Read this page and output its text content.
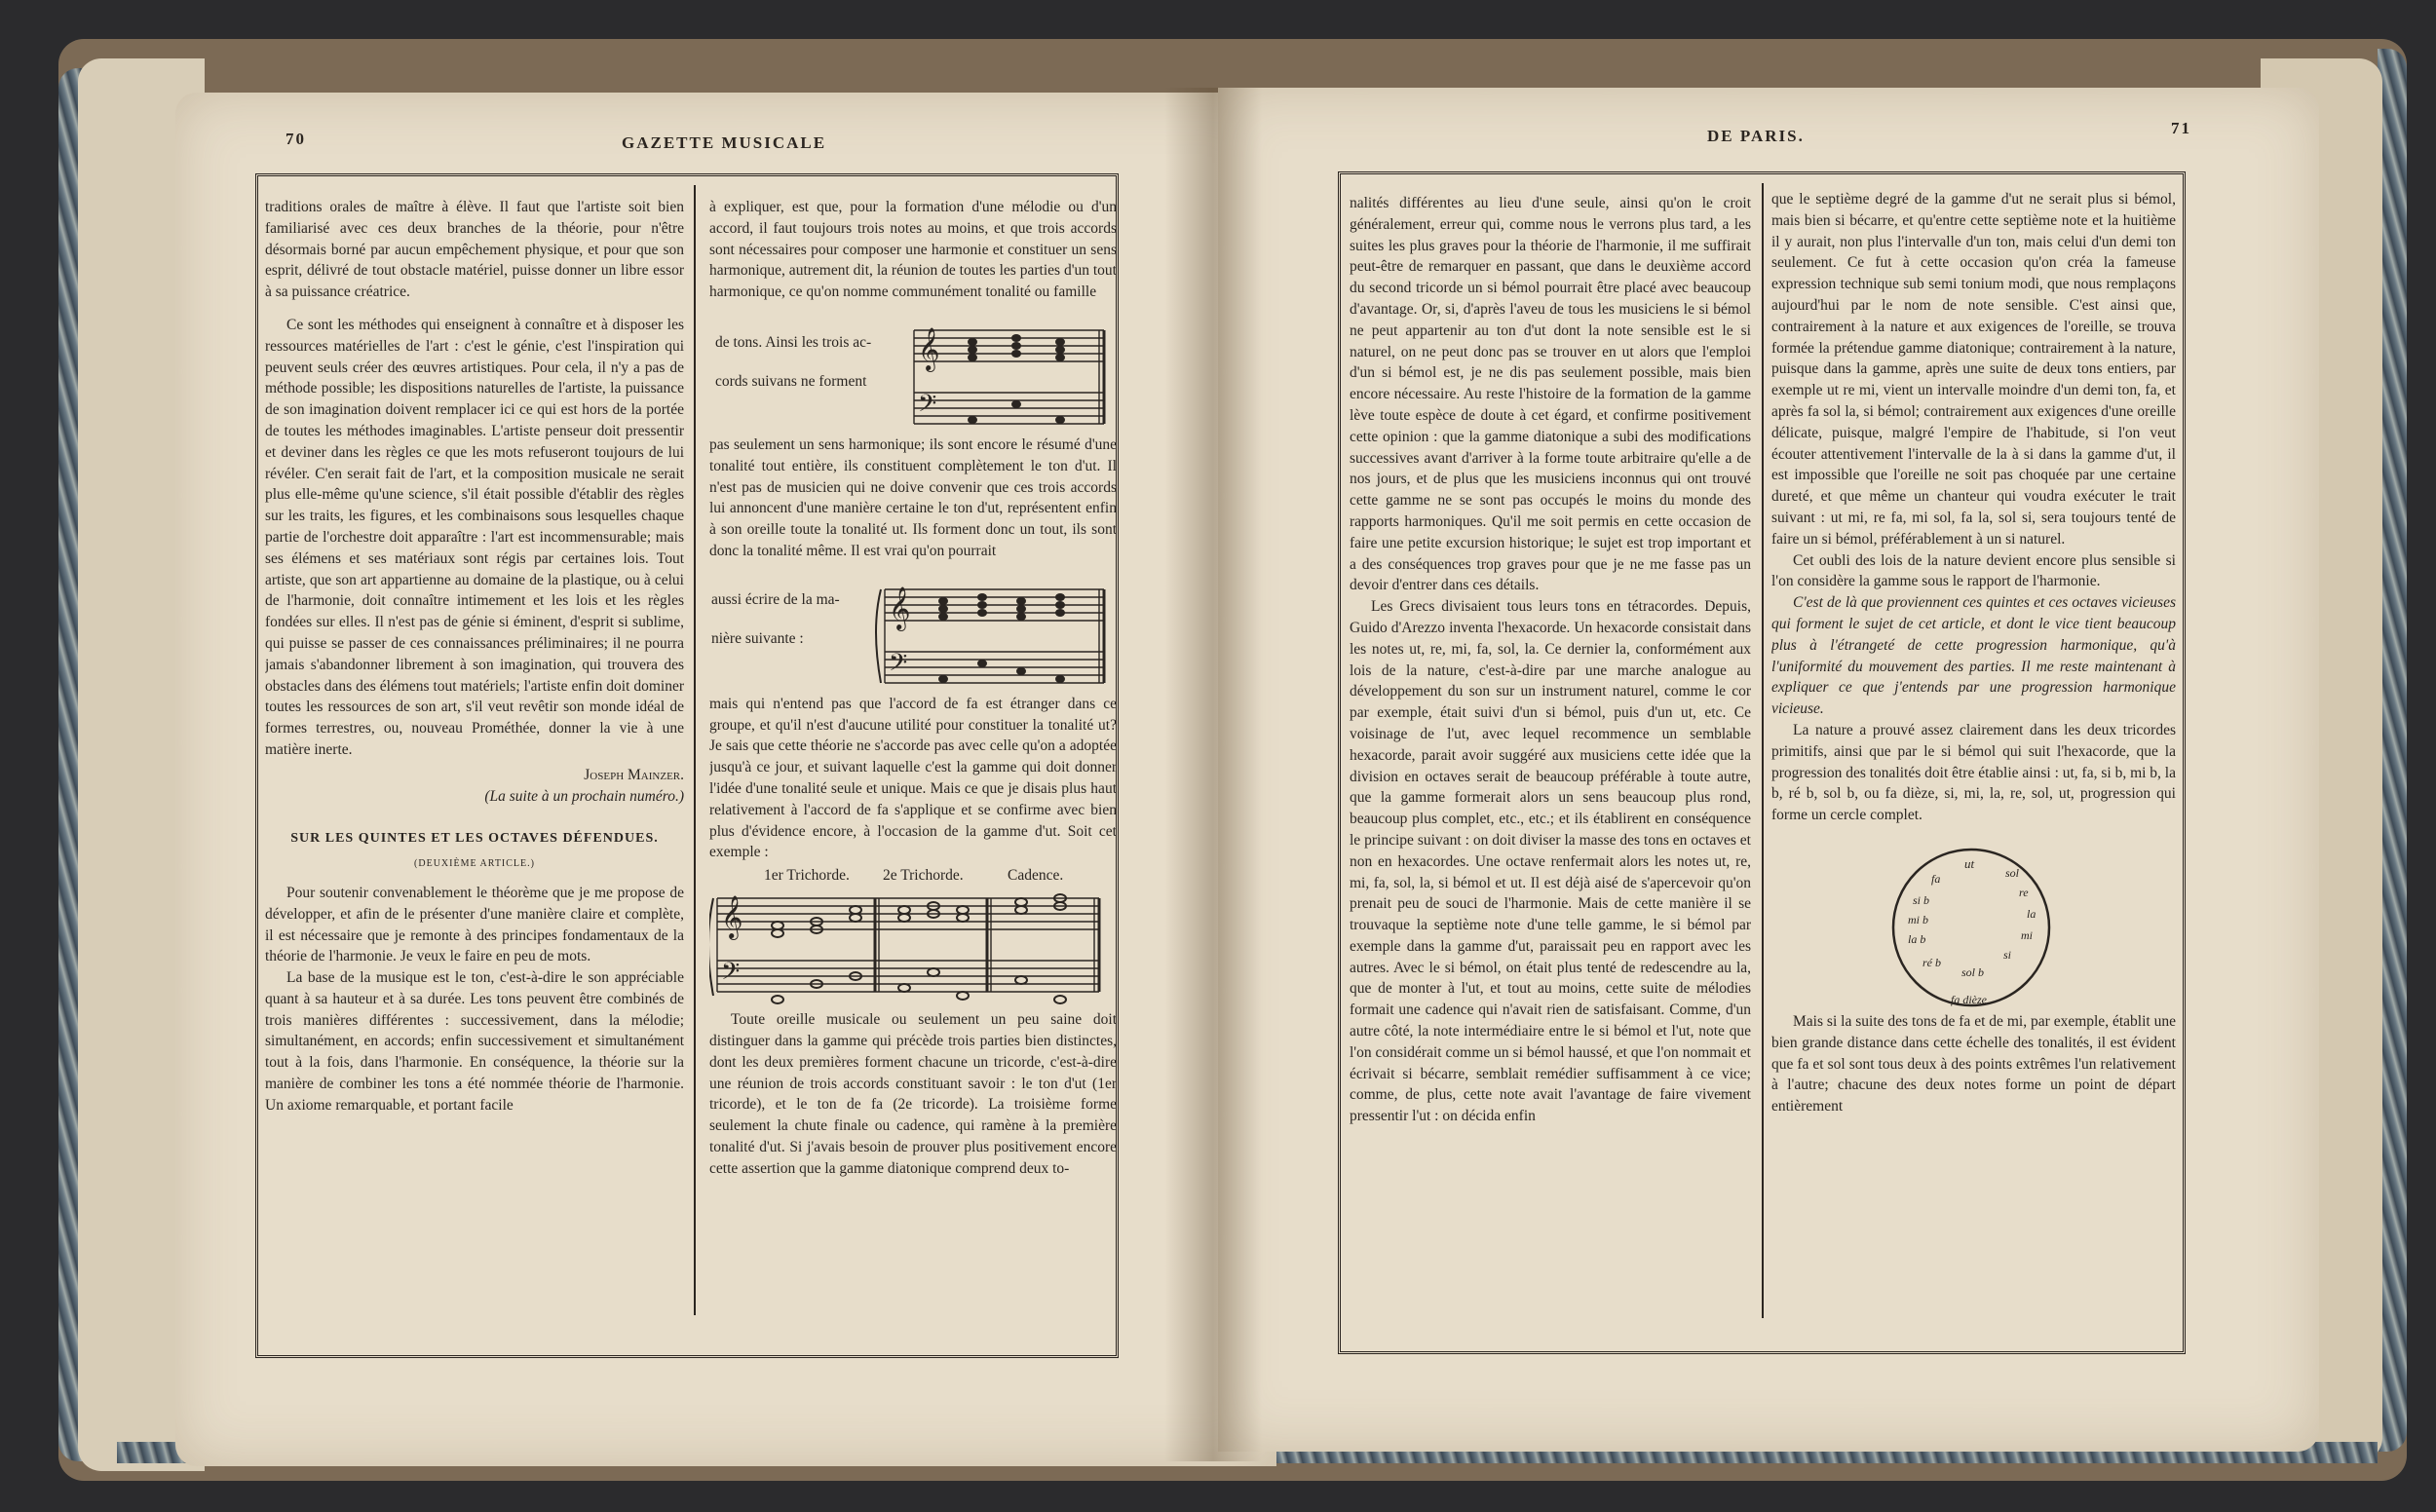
70	GAZETTE MUSICALE

traditions orales de maître à élève. Il faut que l'artiste soit bien familiarisé avec ces deux branches de la théorie, pour n'être désormais borné par aucun empêchement physique, et pour que son esprit, délivré de tout obstacle matériel, puisse donner un libre essor à sa puissance créatrice.

Ce sont les méthodes qui enseignent à connaître et à disposer les ressources matérielles de l'art : c'est le génie, c'est l'inspiration qui peuvent seuls créer des œuvres artistiques. Pour cela, il n'y a pas de méthode possible; les dispositions naturelles de l'artiste, la puissance de son imagination doivent remplacer ici ce qui est hors de la portée de toutes les méthodes imaginables. L'artiste penseur doit pressentir et deviner dans les règles ce que les mots refuseront toujours de lui révéler. C'en serait fait de l'art, et la composition musicale ne serait plus elle-même qu'une science, s'il était possible d'établir des règles sur les traits, les figures, et les combinaisons sous lesquelles chaque partie de l'orchestre doit apparaître : l'art est incommensurable; mais ses élémens et ses matériaux sont régis par certaines lois. Tout artiste, que son art appartienne au domaine de la plastique, ou à celui de l'harmonie, doit connaître intimement et les lois et les règles fondées sur elles. Il n'est pas de génie si éminent, d'esprit si sublime, qui puisse se passer de ces connaissances préliminaires; il ne pourra jamais s'abandonner librement à son imagination, qui trouvera des obstacles dans des élémens tout matériels; l'artiste enfin doit dominer toutes les ressources de son art, s'il veut revêtir son monde idéal de formes terrestres, ou, nouveau Prométhée, donner la vie à une matière inerte.

Joseph Mainzer.

(La suite à un prochain numéro.)

SUR LES QUINTES ET LES OCTAVES DÉFENDUES.

(DEUXIÈME ARTICLE.)

Pour soutenir convenablement le théorème que je me propose de développer, et afin de le présenter d'une manière claire et complète, il est nécessaire que je remonte à des principes fondamentaux de la théorie de l'harmonie. Je veux le faire en peu de mots.

La base de la musique est le ton, c'est-à-dire le son appréciable quant à sa hauteur et à sa durée. Les tons peuvent être combinés de trois manières différentes : successivement, dans la mélodie; simultanément, en accords; enfin successivement et simultanément tout à la fois, dans l'harmonie. En conséquence, la théorie sur la manière de combiner les tons a été nommée théorie de l'harmonie. Un axiome remarquable, et portant facile

à expliquer, est que, pour la formation d'une mélodie ou d'un accord, il faut toujours trois notes au moins, et que trois accords sont nécessaires pour composer une harmonie et constituer un sens harmonique, autrement dit, la réunion de toutes les parties d'un tout harmonique, ce qu'on nomme communément tonalité ou famille

de tons. Ainsi les trois ac-
cords suivans ne forment
𝄞
𝄢

pas seulement un sens harmonique; ils sont encore le résumé d'une tonalité tout entière, ils constituent complètement le ton d'ut. Il n'est pas de musicien qui ne doive convenir que ces trois accords lui annoncent d'une manière certaine le ton d'ut, représentent enfin à son oreille toute la tonalité ut. Ils forment donc un tout, ils sont donc la tonalité même. Il est vrai qu'on pourrait

aussi écrire de la ma-
nière suivante :
𝄞
𝄢

mais qui n'entend pas que l'accord de fa est étranger dans ce groupe, et qu'il n'est d'aucune utilité pour constituer la tonalité ut? Je sais que cette théorie ne s'accorde pas avec celle qu'on a adoptée jusqu'à ce jour, et suivant laquelle c'est la gamme qui doit donner l'idée d'une tonalité seule et unique. Mais ce que je disais plus haut relativement à l'accord de fa s'applique et se confirme avec bien plus d'évidence encore, à l'occasion de la gamme d'ut. Soit cet exemple :

1er Trichorde. 2e Trichorde.	Cadence.
𝄞
𝄢

Toute oreille musicale ou seulement un peu saine doit distinguer dans la gamme qui précède trois parties bien distinctes, dont les deux premières forment chacune un tricorde, c'est-à-dire une réunion de trois accords constituant savoir : le ton d'ut (1er tricorde), et le ton de fa (2e tricorde). La troisième forme seulement la chute finale ou cadence, qui ramène à la première tonalité d'ut. Si j'avais besoin de prouver plus positivement encore cette assertion que la gamme diatonique comprend deux to-

DE PARIS.	71

nalités différentes au lieu d'une seule, ainsi qu'on le croit généralement, erreur qui, comme nous le verrons plus tard, a les suites les plus graves pour la théorie de l'harmonie, il me suffirait peut-être de remarquer en passant, que dans le deuxième accord du second tricorde un si bémol pourrait être placé avec beaucoup d'avantage. Or, si, d'après l'aveu de tous les musiciens le si bémol ne peut appartenir au ton d'ut dont la note sensible est le si naturel, on ne peut donc pas se trouver en ut alors que l'emploi d'un si bémol est, je ne dis pas seulement possible, mais bien encore nécessaire. Au reste l'histoire de la formation de la gamme lève toute espèce de doute à cet égard, et confirme positivement cette opinion : que la gamme diatonique a subi des modifications successives avant d'arriver à la forme toute arbitraire qu'elle a de nos jours, et de plus que les musiciens inconnus qui ont trouvé cette gamme ne se sont pas occupés le moins du monde des rapports harmoniques. Qu'il me soit permis en cette occasion de faire une petite excursion historique; le sujet est trop important et a des conséquences trop graves pour que je ne me fasse pas un devoir d'entrer dans ces détails.

Les Grecs divisaient tous leurs tons en tétracordes. Depuis, Guido d'Arezzo inventa l'hexacorde. Un hexacorde consistait dans les notes ut, re, mi, fa, sol, la. Ce dernier la, conformément aux lois de la nature, c'est-à-dire par une marche analogue au développement du son sur un instrument naturel, comme le cor par exemple, était suivi d'un si bémol, puis d'un ut, etc. Ce voisinage de l'ut, avec lequel recommence un semblable hexacorde, parait avoir suggéré aux musiciens cette idée que la division en octaves serait de beaucoup préférable à toute autre, que la gamme formerait alors un sens beaucoup plus rond, beaucoup plus complet, etc., etc.; et ils établirent en conséquence le principe suivant : on doit diviser la masse des tons en octaves et non en hexacordes. Une octave renfermait alors les notes ut, re, mi, fa, sol, la, si bémol et ut. Il est déjà aisé de s'apercevoir qu'on prenait peu de souci de l'harmonie. Mais de cette manière il se trouvaque la septième note d'une telle gamme, le si bémol par exemple dans la gamme d'ut, paraissait peu en rapport avec les autres. Avec le si bémol, on était plus tenté de redescendre au la, que de monter à l'ut, et tout au moins, cette suite de mélodies formait une cadence qui n'avait rien de satisfaisant. Comme, d'un autre côté, la note intermédiaire entre le si bémol et l'ut, note que l'on considérait comme un si bémol haussé, et que l'on nommait et écrivait si bécarre, semblait remédier suffisamment à ce vice; comme, de plus, cette note avait l'avantage de faire vivement pressentir l'ut : on décida enfin

que le septième degré de la gamme d'ut ne serait plus si bémol, mais bien si bécarre, et qu'entre cette septième note et la huitième il y aurait, non plus l'intervalle d'un ton, mais celui d'un demi ton seulement. Ce fut à cette occasion qu'on créa la fameuse expression technique sub semi tonium modi, que nous remplaçons aujourd'hui par le nom de note sensible. C'est ainsi que, contrairement à la nature et aux exigences de l'oreille, se trouva formée la prétendue gamme diatonique; contrairement à la nature, puisque dans la gamme, après une suite de deux tons entiers, par exemple ut re mi, vient un intervalle moindre d'un demi ton, fa, et après fa sol la, si bémol; contrairement aux exigences d'une oreille délicate, puisque, malgré l'empire de l'habitude, si l'on veut écouter attentivement l'intervalle de la à si dans la gamme d'ut, il est impossible que l'oreille ne soit pas choquée par une certaine dureté, et que même un chanteur qui voudra exécuter le trait suivant : ut mi, re fa, mi sol, fa la, sol si, sera toujours tenté de faire un si bémol, préférablement à un si naturel.

Cet oubli des lois de la nature devient encore plus sensible si l'on considère la gamme sous le rapport de l'harmonie.

C'est de là que proviennent ces quintes et ces octaves vicieuses qui forment le sujet de cet article, et dont le vice tient beaucoup plus à l'étrangeté de cette progression harmonique, qu'à l'uniformité du mouvement des parties. Il me reste maintenant à expliquer ce que j'entends par une progression harmonique vicieuse.

La nature a prouvé assez clairement dans les deux tricordes primitifs, ainsi que par le si bémol qui suit l'hexacorde, que la progression des tonalités doit être établie ainsi : ut, fa, si b, mi b, la b, ré b, sol b, ou fa dièze, si, mi, la, re, sol, ut, progression qui forme un cercle complet.

ut
sol
re
la
mi
si
fa dièze
sol b
ré b
la b
mi b
si b
fa

Mais si la suite des tons de fa et de mi, par exemple, établit une bien grande distance dans cette échelle des tonalités, il est évident que fa et sol sont tous deux à des points extrêmes l'un relativement à l'autre; chacune des deux notes forme un point de départ entièrement
